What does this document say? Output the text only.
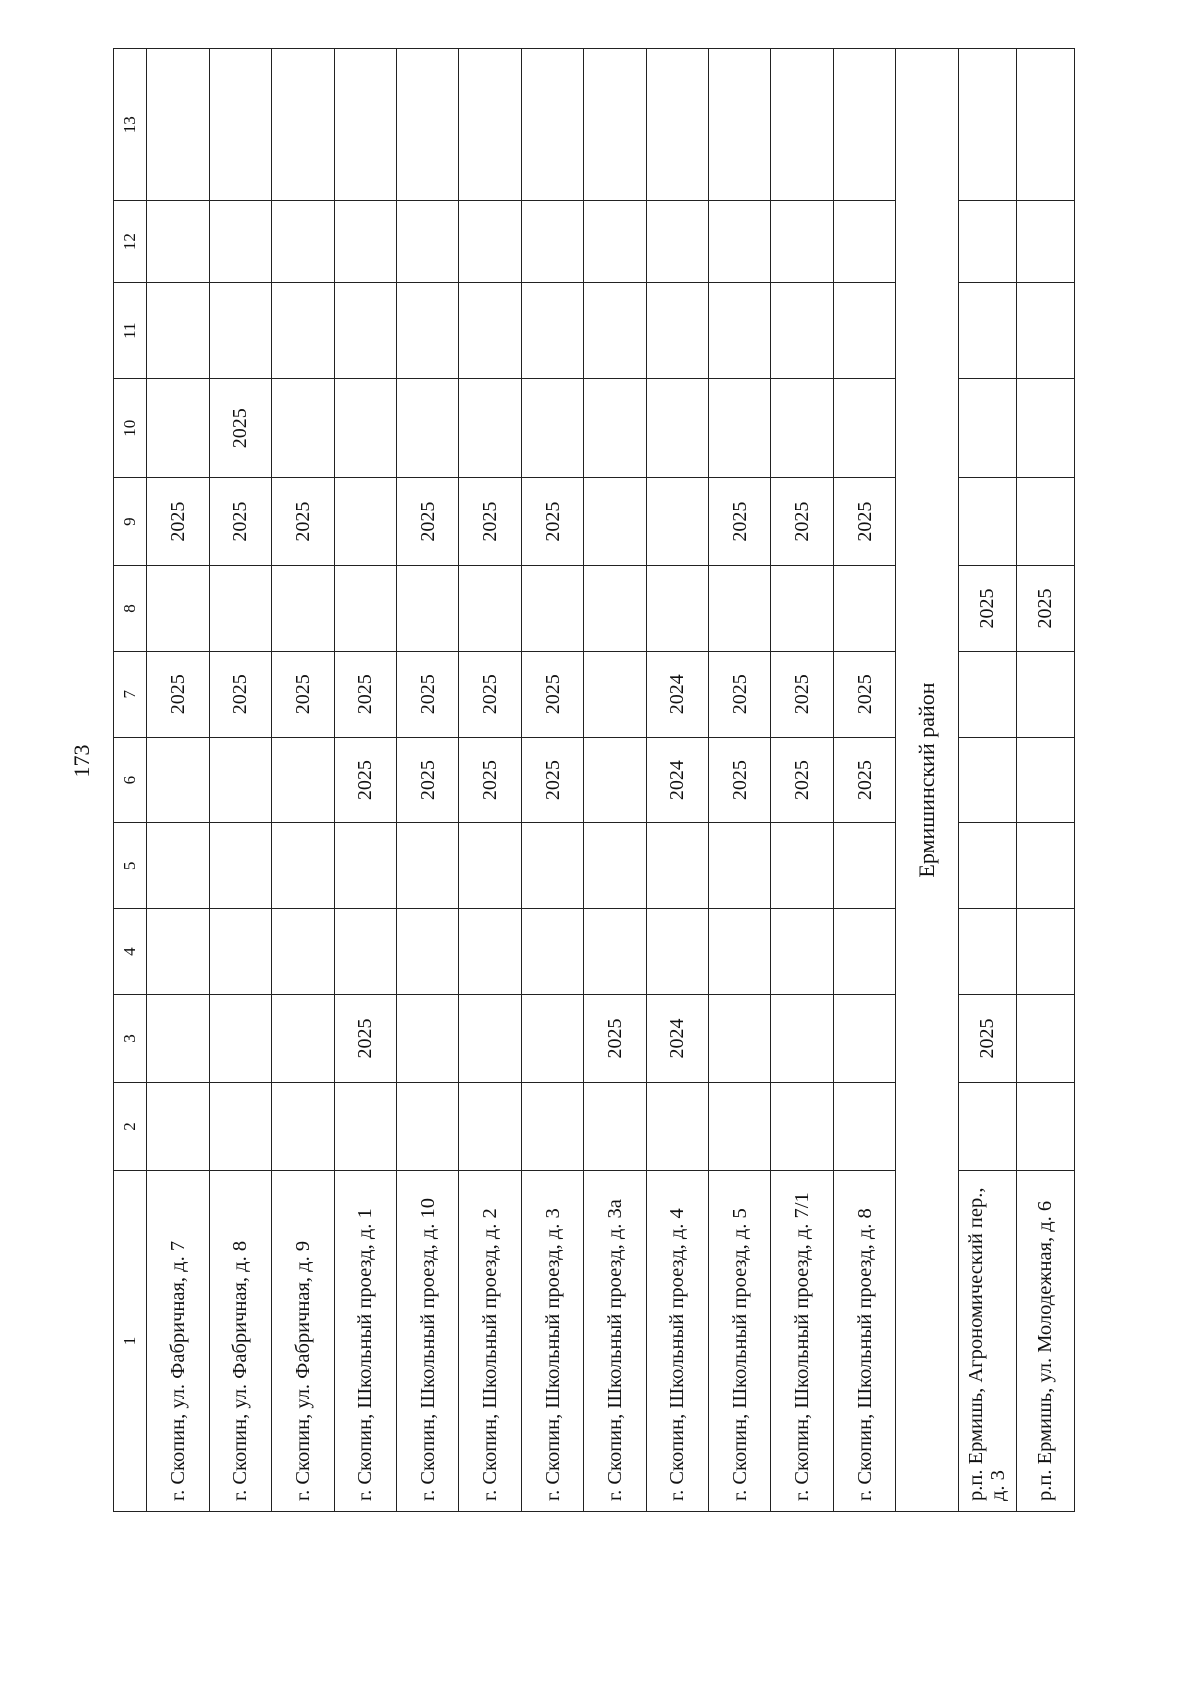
173
1	2	3	4	5	6	7	8	9	10	11	12	13
г. Скопин, ул. Фабричная, д. 7						2025		2025				
г. Скопин, ул. Фабричная, д. 8						2025		2025	2025			
г. Скопин, ул. Фабричная, д. 9						2025		2025				
г. Скопин, Школьный проезд, д. 1		2025			2025	2025						
г. Скопин, Школьный проезд, д. 10					2025	2025		2025				
г. Скопин, Школьный проезд, д. 2					2025	2025		2025				
г. Скопин, Школьный проезд, д. 3					2025	2025		2025				
г. Скопин, Школьный проезд, д. 3а		2025										
г. Скопин, Школьный проезд, д. 4		2024			2024	2024						
г. Скопин, Школьный проезд, д. 5					2025	2025		2025				
г. Скопин, Школьный проезд, д. 7/1					2025	2025		2025				
г. Скопин, Школьный проезд, д. 8					2025	2025		2025				
Ермишинский район												
р.п. Ермишь, Агрономический пер., д. 3		2025					2025					
р.п. Ермишь, ул. Молодежная, д. 6							2025					
